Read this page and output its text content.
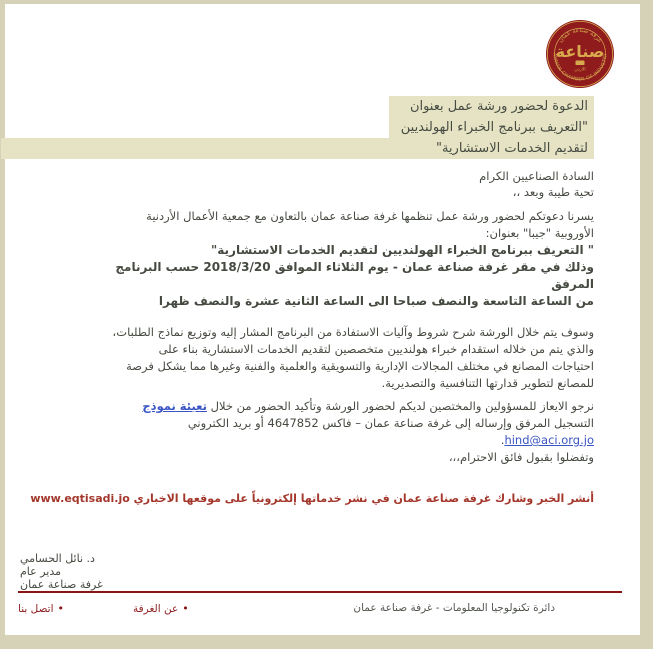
غرفة صناعة عمان
AMMAN CHAMBER OF INDUSTRY
صناعة
الاردن
الدعوة لحضور ورشة عمل بعنوان
"التعريف ببرنامج الخبراء الهولنديين
لتقديم الخدمات الاستشارية"
السادة الصناعيين الكرام
تحية طيبة وبعد ،،
يسرنا دعوتكم لحضور ورشة عمل تنظمها غرفة صناعة عمان بالتعاون مع جمعية الأعمال الأردنية
الأوروبية "جيبا" بعنوان:
" التعريف ببرنامج الخبراء الهولنديين لتقديم الخدمات الاستشارية"
وذلك في مقر غرفة صناعة عمان - يوم الثلاثاء الموافق 2018/3/20 حسب البرنامج
المرفق
من الساعة التاسعة والنصف صباحا الى الساعة الثانية عشرة والنصف ظهرا
وسوف يتم خلال الورشة شرح شروط وآليات الاستفادة من البرنامج المشار إليه وتوزيع نماذج الطلبات،
والذي يتم من خلاله استقدام خبراء هولنديين متخصصين لتقديم الخدمات الاستشارية بناء على
احتياجات المصانع في مختلف المجالات الإدارية والتسويقية والعلمية والفنية وغيرها مما يشكل فرصة
للمصانع لتطوير قدارتها التنافسية والتصديرية.
نرجو الايعاز للمسؤولين والمختصين لديكم لحضور الورشة وتأكيد الحضور من خلال تعبئة نموذج
التسجيل المرفق وإرساله إلى غرفة صناعة عمان – فاكس 4647852 أو بريد الكتروني
hind@aci.org.jo.
وتفضلوا بقبول فائق الاحترام،،،
أنشر الخبر وشارك غرفة صناعة عمان في نشر خدماتها إلكترونياً على موقعها الاخباري www.eqtisadi.jo
د. نائل الحسامي
مدير عام
غرفة صناعة عمان
•اتصل بنا	•عن الغرفة	دائرة تكنولوجيا المعلومات - غرفة صناعة عمان
